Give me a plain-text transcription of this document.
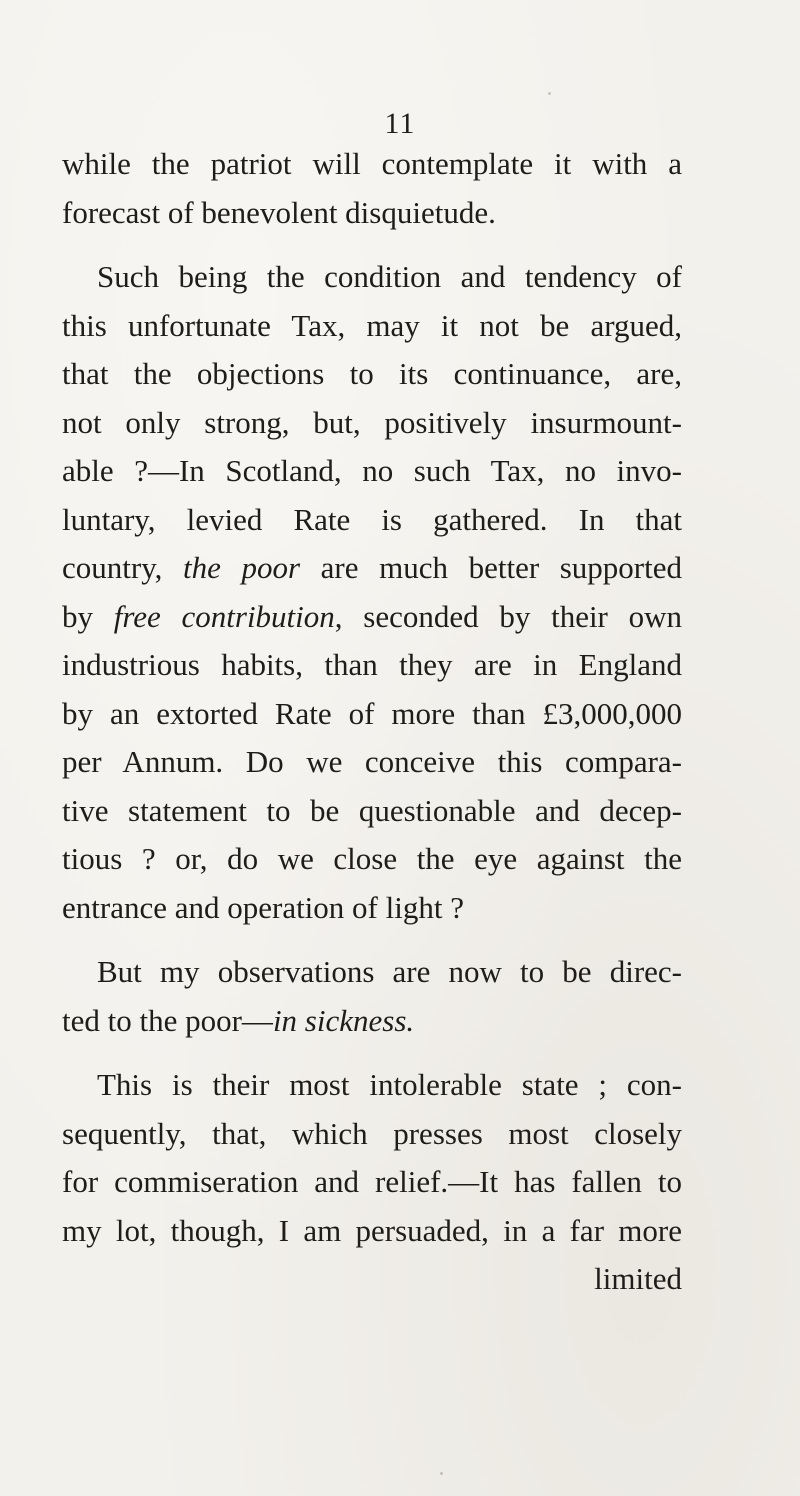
11
while the patriot will contemplate it with a
forecast of benevolent disquietude.
Such being the condition and tendency of
this unfortunate Tax, may it not be argued,
that the objections to its continuance, are,
not only strong, but, positively insurmount-
able ?—In Scotland, no such Tax, no invo-
luntary, levied Rate is gathered. In that
country, the poor are much better supported
by free contribution, seconded by their own
industrious habits, than they are in England
by an extorted Rate of more than £3,000,000
per Annum. Do we conceive this compara-
tive statement to be questionable and decep-
tious ? or, do we close the eye against the
entrance and operation of light ?
But my observations are now to be direc-
ted to the poor—in sickness.
This is their most intolerable state ; con-
sequently, that, which presses most closely
for commiseration and relief.—It has fallen to
my lot, though, I am persuaded, in a far more
limited
